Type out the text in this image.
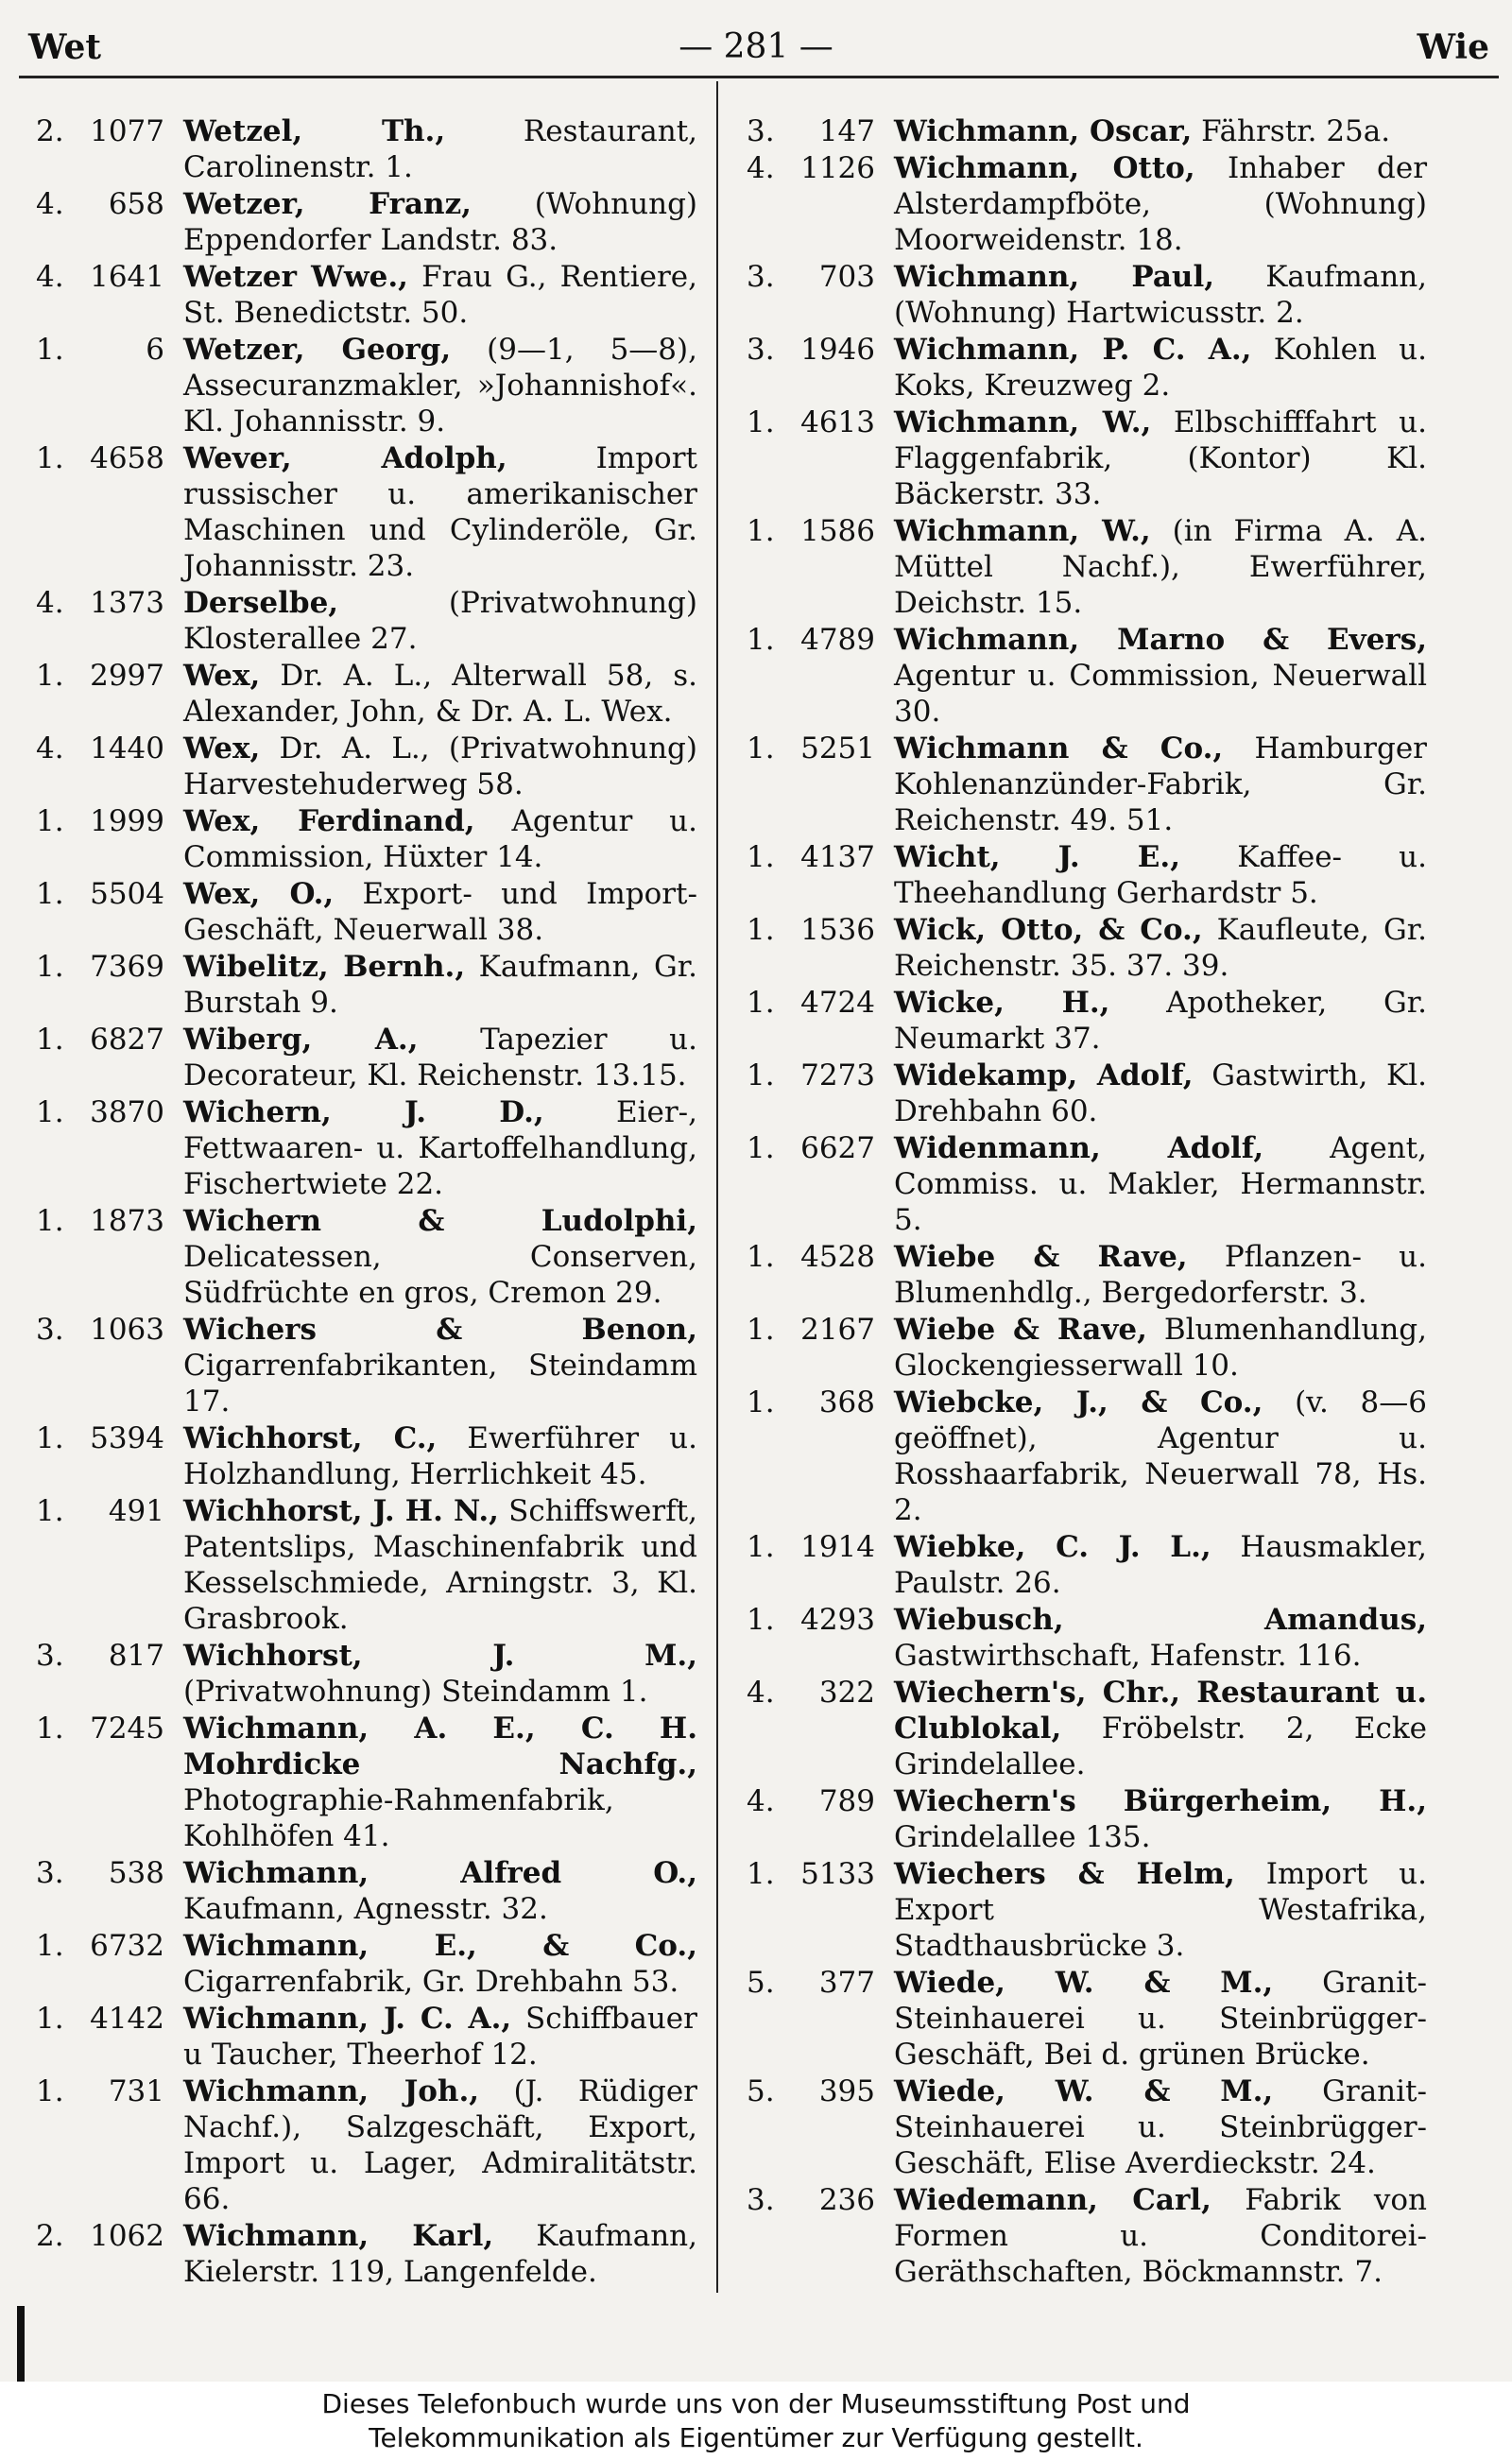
Wet	— 281 —	Wie
2. 1077 Wetzel, Th.,	Restaurant, Carolinenstr. 1.
4.	658 Wetzer, Franz, (Wohnung) Eppendorfer Landstr. 83.
4. 1641 Wetzer Wwe., Frau G., Rentiere, St. Benedictstr. 50.
1.	6 Wetzer, Georg, (9—1, 5—8), Assecuranzmakler, »Johannishof«. Kl. Johannisstr. 9.
1. 4658 Wever, Adolph,	Import russischer u. amerikanischer Maschinen und Cylinderöle, Gr. Johannisstr. 23.
4. 1373 Derselbe,	(Privatwohnung) Klosterallee 27.
1. 2997 Wex, Dr. A. L., Alterwall 58, s. Alexander, John, & Dr. A. L. Wex.
4. 1440 Wex, Dr. A. L., (Privatwohnung) Harvestehuderweg 58.
1. 1999 Wex, Ferdinand, Agentur u. Commission, Hüxter 14.
1. 5504 Wex, O., Export- und Import-Geschäft, Neuerwall 38.
1. 7369 Wibelitz, Bernh., Kaufmann, Gr. Burstah 9.
1. 6827 Wiberg, A., Tapezier u. Decorateur, Kl. Reichenstr. 13.15.
1. 3870 Wichern, J. D., Eier-, Fettwaaren- u. Kartoffelhandlung, Fischertwiete 22.
1. 1873 Wichern & Ludolphi, Delicatessen, Conserven, Südfrüchte en gros, Cremon 29.
3. 1063 Wichers & Benon, Cigarrenfabrikanten, Steindamm 17.
1. 5394 Wichhorst, C., Ewerführer u. Holzhandlung, Herrlichkeit 45.
1.	491 Wichhorst, J. H. N., Schiffswerft, Patentslips, Maschinenfabrik und Kesselschmiede, Arningstr. 3, Kl. Grasbrook.
3.	817 Wichhorst, J. M., (Privatwohnung) Steindamm 1.
1. 7245 Wichmann, A. E., C. H. Mohrdicke Nachfg., Photographie-Rahmenfabrik, Kohlhöfen 41.
3.	538 Wichmann, Alfred O., Kaufmann, Agnesstr. 32.
1. 6732 Wichmann, E., & Co., Cigarrenfabrik, Gr. Drehbahn 53.
1. 4142 Wichmann, J. C. A., Schiffbauer u Taucher, Theerhof 12.
1.	731 Wichmann, Joh., (J. Rüdiger Nachf.), Salzgeschäft, Export, Import u. Lager, Admiralitätstr. 66.
2. 1062 Wichmann, Karl, Kaufmann, Kielerstr. 119, Langenfelde.
3.	147 Wichmann, Oscar, Fährstr. 25a.
4. 1126 Wichmann, Otto, Inhaber der Alsterdampfböte, (Wohnung) Moorweidenstr. 18.
3.	703 Wichmann, Paul, Kaufmann, (Wohnung) Hartwicusstr. 2.
3. 1946 Wichmann, P. C. A., Kohlen u. Koks, Kreuzweg 2.
1. 4613 Wichmann, W., Elbschifffahrt u. Flaggenfabrik, (Kontor) Kl. Bäckerstr. 33.
1. 1586 Wichmann, W., (in Firma A. A. Müttel Nachf.), Ewerführer, Deichstr. 15.
1. 4789 Wichmann, Marno & Evers, Agentur u. Commission, Neuerwall 30.
1. 5251 Wichmann & Co., Hamburger Kohlenanzünder-Fabrik, Gr. Reichenstr. 49. 51.
1. 4137 Wicht, J. E., Kaffee- u. Theehandlung Gerhardstr 5.
1. 1536 Wick, Otto, & Co., Kaufleute, Gr. Reichenstr. 35. 37. 39.
1. 4724 Wicke, H., Apotheker, Gr. Neumarkt 37.
1. 7273 Widekamp, Adolf, Gastwirth, Kl. Drehbahn 60.
1. 6627 Widenmann, Adolf, Agent, Commiss. u. Makler, Hermannstr. 5.
1. 4528 Wiebe & Rave, Pflanzen- u. Blumenhdlg., Bergedorferstr. 3.
1. 2167 Wiebe & Rave, Blumenhandlung, Glockengiesserwall 10.
1.	368 Wiebcke, J., & Co., (v. 8—6 geöffnet), Agentur u. Rosshaarfabrik, Neuerwall 78, Hs. 2.
1. 1914 Wiebke, C. J. L., Hausmakler, Paulstr. 26.
1. 4293 Wiebusch, Amandus, Gastwirthschaft, Hafenstr. 116.
4.	322 Wiechern's, Chr., Restaurant u. Clublokal, Fröbelstr. 2, Ecke Grindelallee.
4.	789 Wiechern's Bürgerheim, H., Grindelallee 135.
1. 5133 Wiechers & Helm, Import u. Export Westafrika, Stadthausbrücke 3.
5.	377 Wiede, W. & M., Granit-Steinhauerei u. Steinbrügger-Geschäft, Bei d. grünen Brücke.
5.	395 Wiede, W. & M., Granit-Steinhauerei u. Steinbrügger-Geschäft, Elise Averdieckstr. 24.
3.	236 Wiedemann, Carl, Fabrik von Formen u. Conditorei-Geräthschaften, Böckmannstr. 7.
Dieses Telefonbuch wurde uns von der Museumsstiftung Post und
Telekommunikation als Eigentümer zur Verfügung gestellt.
